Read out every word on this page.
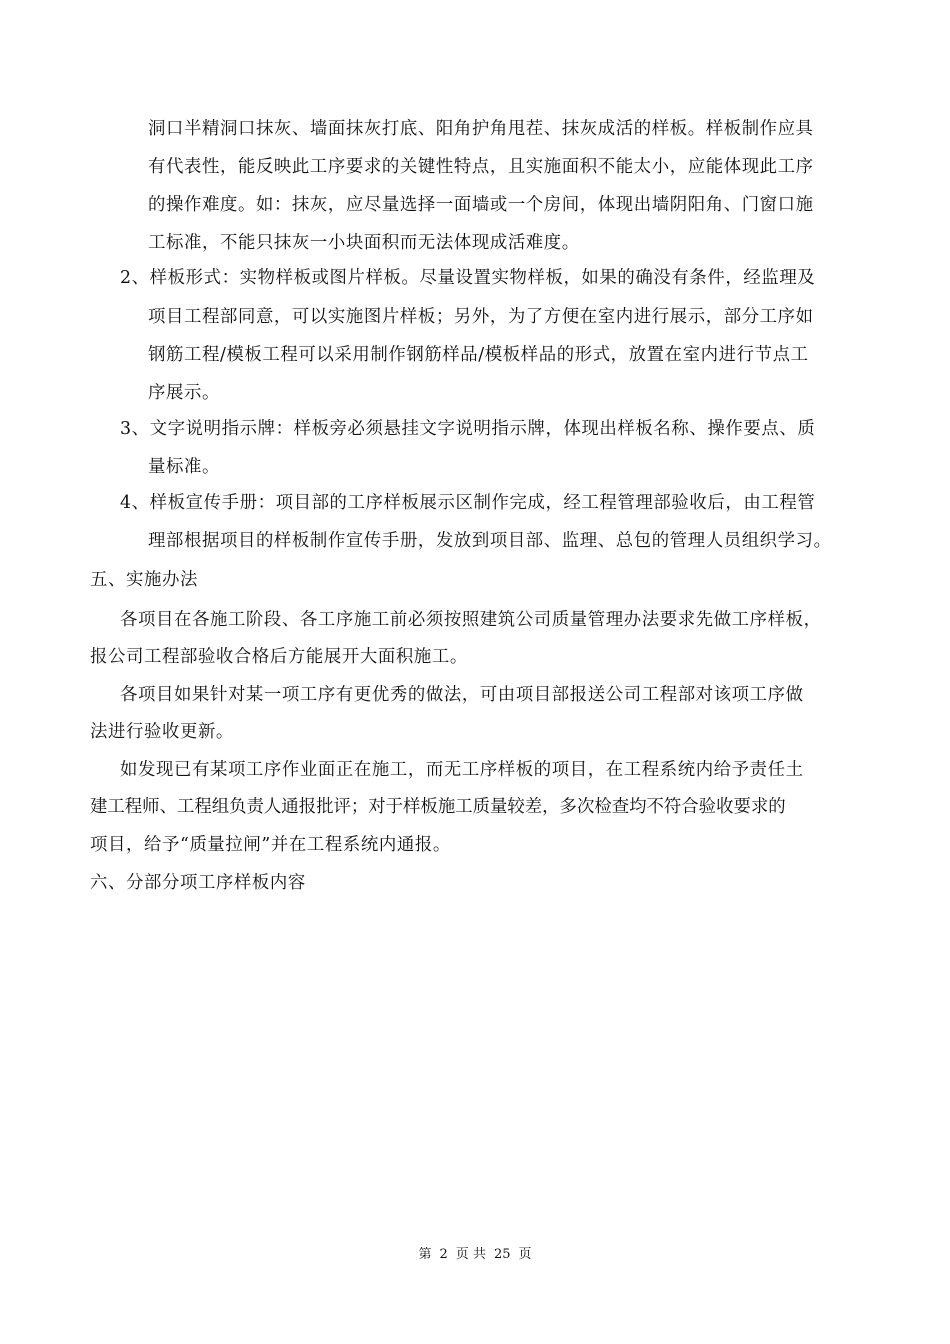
洞口半精洞口抹灰、墙面抹灰打底、阳角护角甩茬、抹灰成活的样板。样板制作应具
有代表性，能反映此工序要求的关键性特点，且实施面积不能太小，应能体现此工序
的操作难度。如：抹灰，应尽量选择一面墙或一个房间，体现出墙阴阳角、门窗口施
工标准，不能只抹灰一小块面积而无法体现成活难度。
2、样板形式：实物样板或图片样板。尽量设置实物样板，如果的确没有条件，经监理及
项目工程部同意，可以实施图片样板；另外，为了方便在室内进行展示，部分工序如
钢筋工程/模板工程可以采用制作钢筋样品/模板样品的形式，放置在室内进行节点工
序展示。
3、文字说明指示牌：样板旁必须悬挂文字说明指示牌，体现出样板名称、操作要点、质
量标准。
4、样板宣传手册：项目部的工序样板展示区制作完成，经工程管理部验收后，由工程管
理部根据项目的样板制作宣传手册，发放到项目部、监理、总包的管理人员组织学习。
五、实施办法
各项目在各施工阶段、各工序施工前必须按照建筑公司质量管理办法要求先做工序样板，
报公司工程部验收合格后方能展开大面积施工。
各项目如果针对某一项工序有更优秀的做法，可由项目部报送公司工程部对该项工序做
法进行验收更新。
如发现已有某项工序作业面正在施工，而无工序样板的项目，在工程系统内给予责任土
建工程师、工程组负责人通报批评；对于样板施工质量较差，多次检查均不符合验收要求的
项目，给予“质量拉闸”并在工程系统内通报。
六、分部分项工序样板内容
第 2 页 共 25 页
